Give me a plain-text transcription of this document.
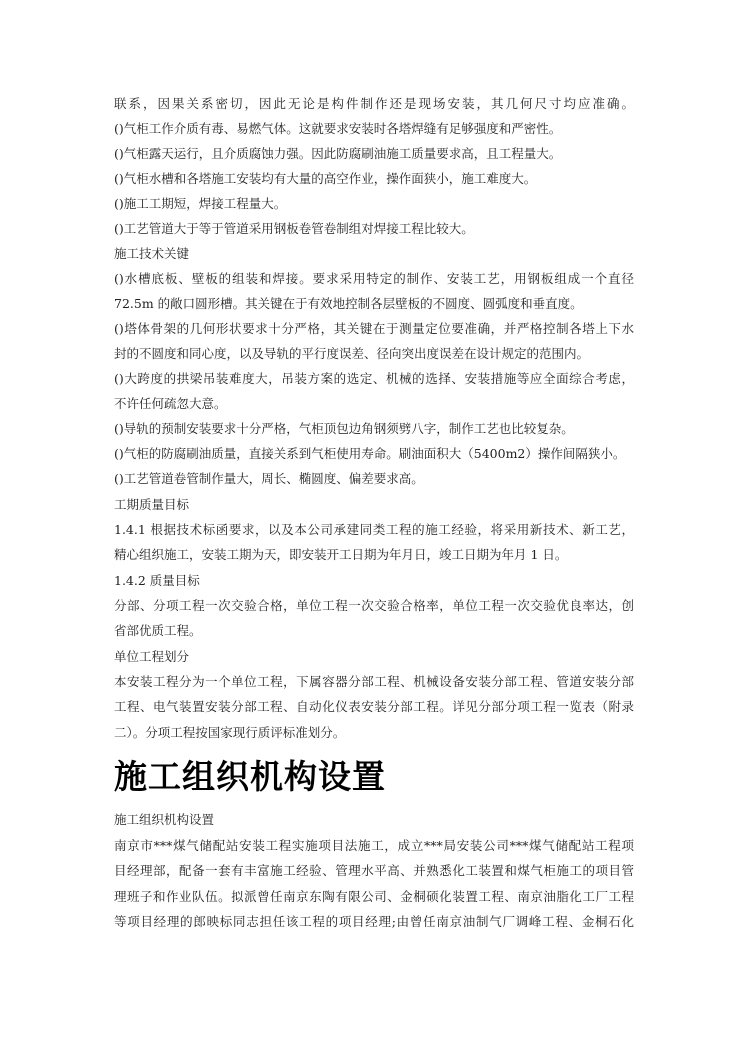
联系，因果关系密切，因此无论是构件制作还是现场安装，其几何尺寸均应准确。
()气柜工作介质有毒、易燃气体。这就要求安装时各塔焊缝有足够强度和严密性。
()气柜露天运行，且介质腐蚀力强。因此防腐刷油施工质量要求高，且工程量大。
()气柜水槽和各塔施工安装均有大量的高空作业，操作面狭小，施工难度大。
()施工工期短，焊接工程量大。
()工艺管道大于等于管道采用钢板卷管卷制组对焊接工程比较大。
施工技术关键
()水槽底板、壁板的组装和焊接。要求采用特定的制作、安装工艺，用钢板组成一个直径
72.5m 的敞口圆形槽。其关键在于有效地控制各层壁板的不圆度、圆弧度和垂直度。
()塔体骨架的几何形状要求十分严格，其关键在于测量定位要准确，并严格控制各塔上下水
封的不圆度和同心度，以及导轨的平行度误差、径向突出度误差在设计规定的范围内。
()大跨度的拱梁吊装难度大，吊装方案的选定、机械的选择、安装措施等应全面综合考虑，
不许任何疏忽大意。
()导轨的预制安装要求十分严格，气柜顶包边角钢须劈八字，制作工艺也比较复杂。
()气柜的防腐刷油质量，直接关系到气柜使用寿命。刷油面积大（5400m2）操作间隔狭小。
()工艺管道卷管制作量大，周长、椭圆度、偏差要求高。
工期质量目标
1.4.1 根据技术标函要求，以及本公司承建同类工程的施工经验，将采用新技术、新工艺，
精心组织施工，安装工期为天，即安装开工日期为年月日，竣工日期为年月 1 日。
1.4.2 质量目标
分部、分项工程一次交验合格，单位工程一次交验合格率，单位工程一次交验优良率达，创
省部优质工程。
单位工程划分
本安装工程分为一个单位工程，下属容器分部工程、机械设备安装分部工程、管道安装分部
工程、电气装置安装分部工程、自动化仪表安装分部工程。详见分部分项工程一览表（附录
二）。分项工程按国家现行质评标准划分。
施工组织机构设置
施工组织机构设置
南京市***煤气储配站安装工程实施项目法施工，成立***局安装公司***煤气储配站工程项
目经理部，配备一套有丰富施工经验、管理水平高、并熟悉化工装置和煤气柜施工的项目管
理班子和作业队伍。拟派曾任南京东陶有限公司、金桐硕化装置工程、南京油脂化工厂工程
等项目经理的郎映标同志担任该工程的项目经理;由曾任南京油制气厂调峰工程、金桐石化
